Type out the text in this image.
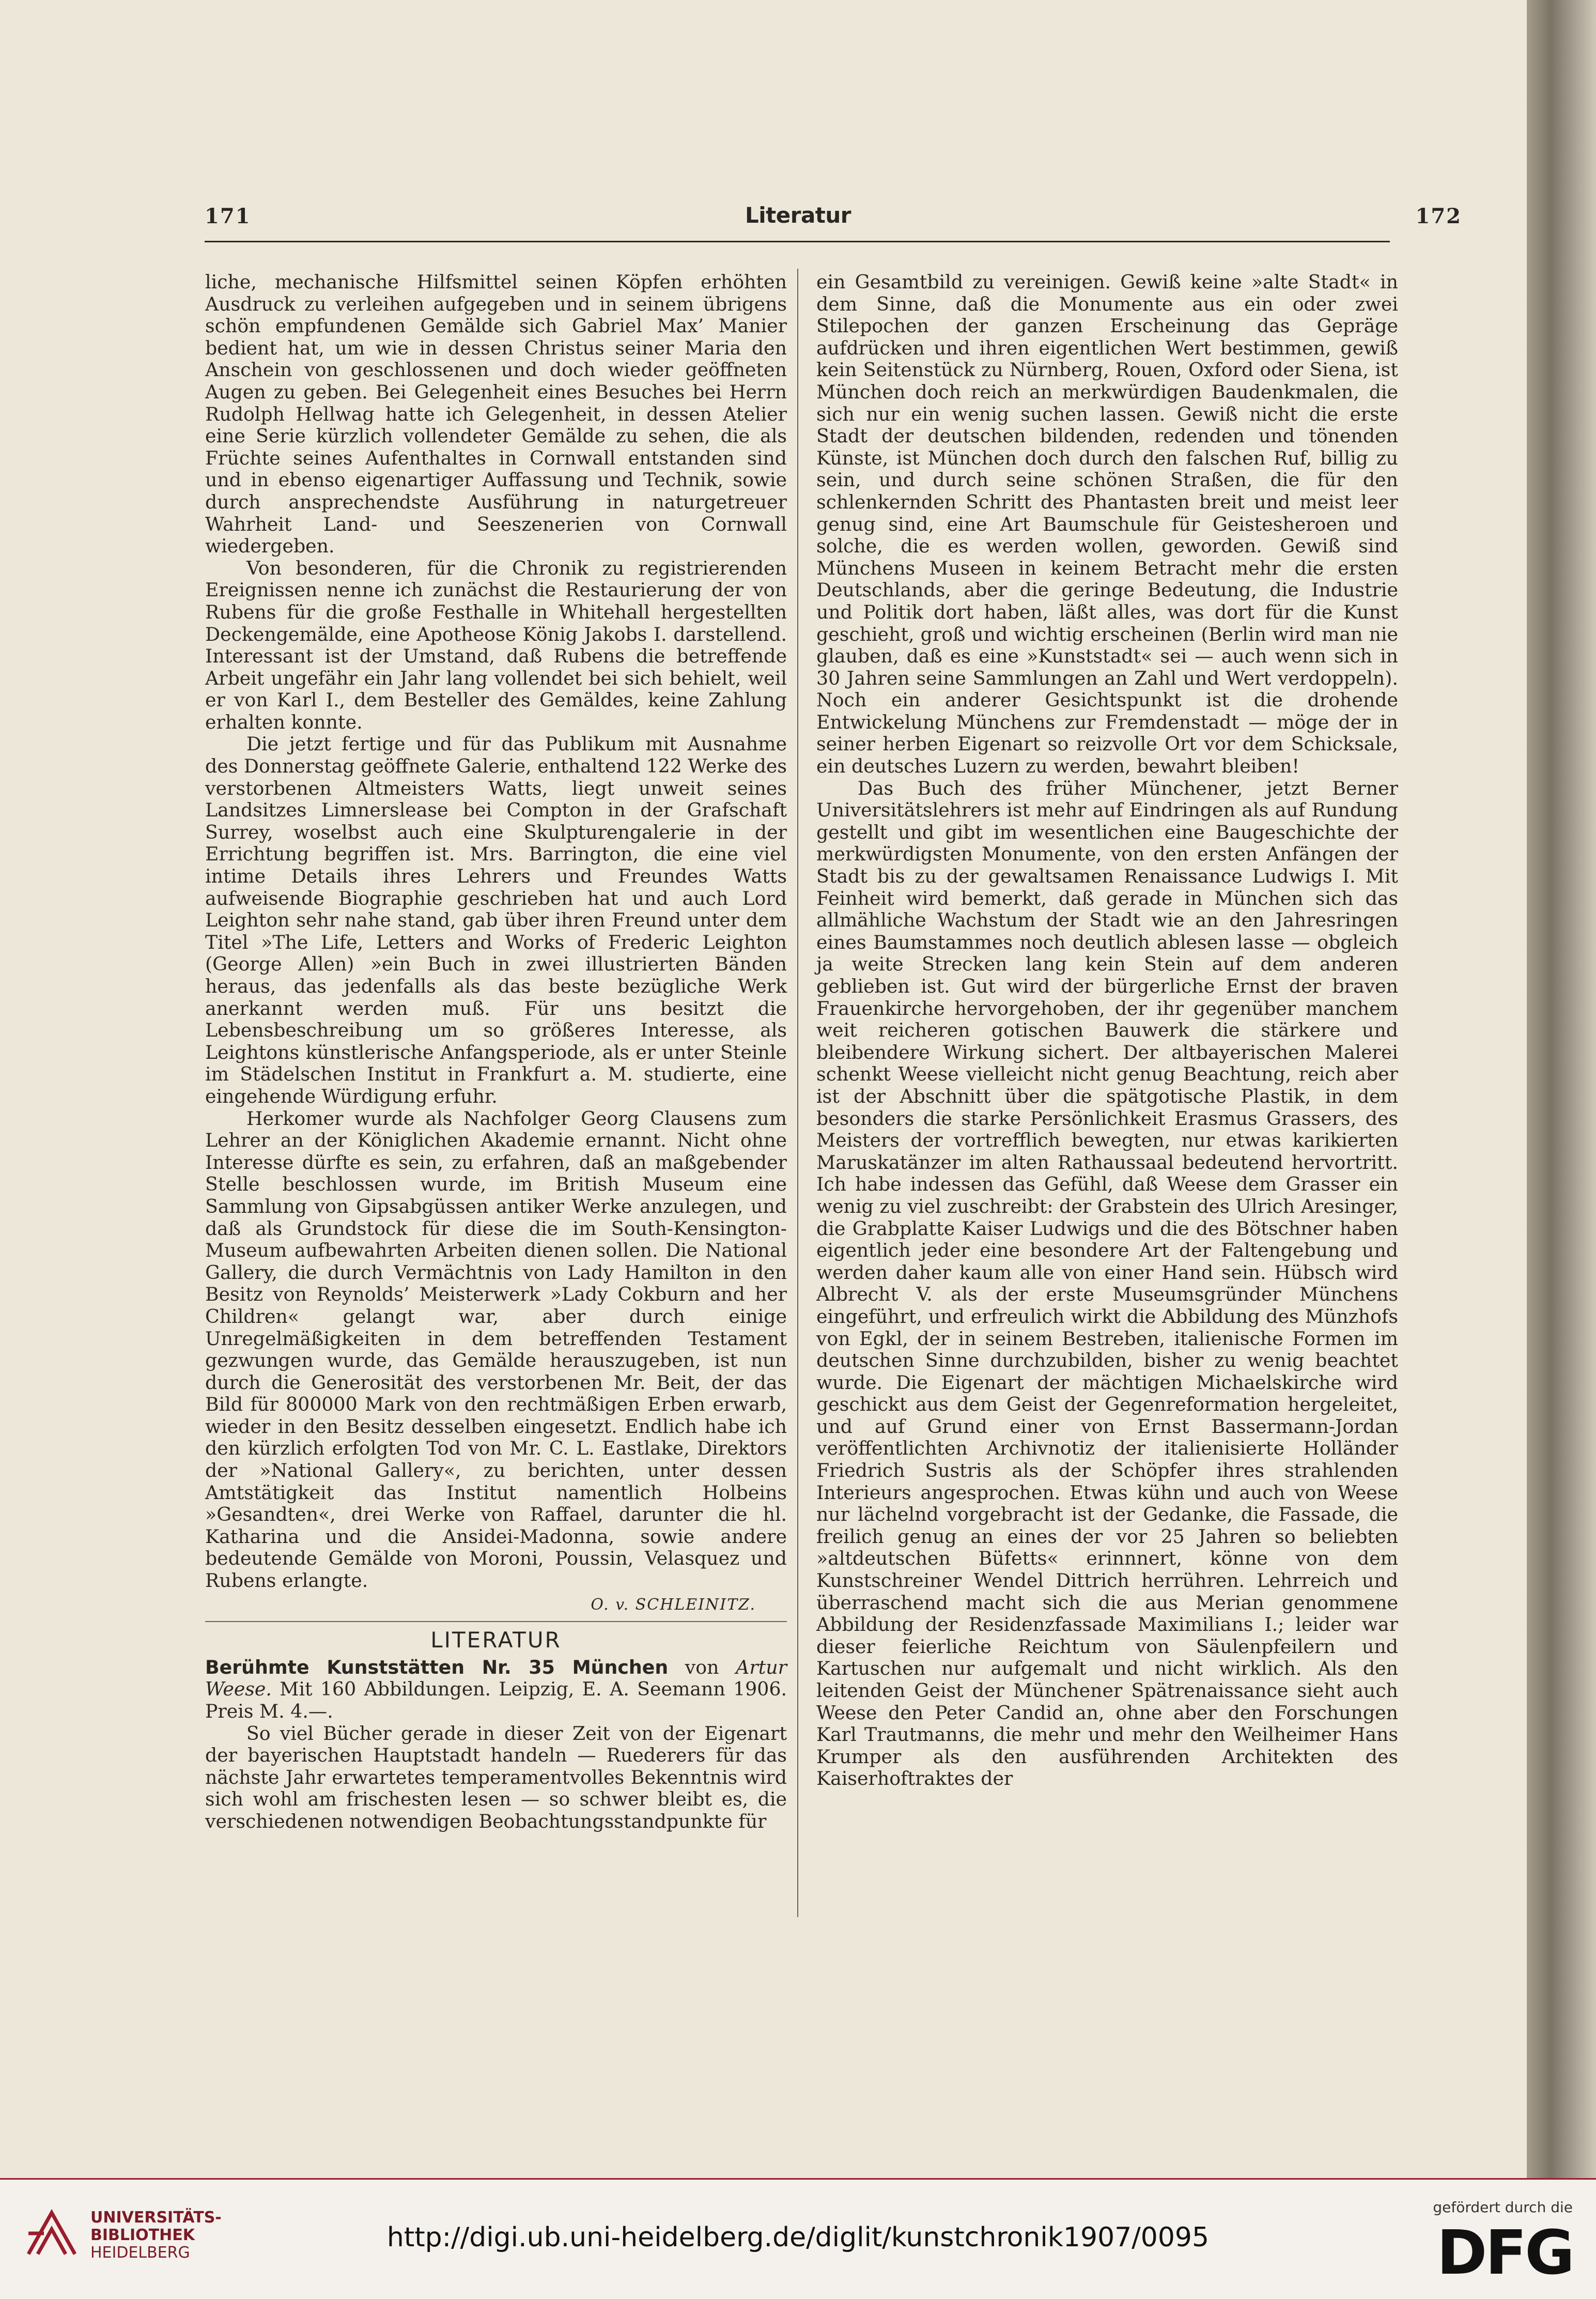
171	Literatur	172

liche, mechanische Hilfsmittel seinen Köpfen erhöhten Ausdruck zu verleihen aufgegeben und in seinem übrigens schön empfundenen Gemälde sich Gabriel Max’ Manier bedient hat, um wie in dessen Christus seiner Maria den Anschein von geschlossenen und doch wieder geöffneten Augen zu geben. Bei Gelegenheit eines Besuches bei Herrn Rudolph Hellwag hatte ich Gelegenheit, in dessen Atelier eine Serie kürzlich vollendeter Gemälde zu sehen, die als Früchte seines Aufenthaltes in Cornwall entstanden sind und in ebenso eigenartiger Auffassung und Technik, sowie durch ansprechendste Ausführung in naturgetreuer Wahrheit Land- und Seeszenerien von Cornwall wiedergeben.

Von besonderen, für die Chronik zu registrierenden Ereignissen nenne ich zunächst die Restaurierung der von Rubens für die große Festhalle in Whitehall hergestellten Deckengemälde, eine Apotheose König Jakobs I. darstellend. Interessant ist der Umstand, daß Rubens die betreffende Arbeit ungefähr ein Jahr lang vollendet bei sich behielt, weil er von Karl I., dem Besteller des Gemäldes, keine Zahlung erhalten konnte.

Die jetzt fertige und für das Publikum mit Ausnahme des Donnerstag geöffnete Galerie, enthaltend 122 Werke des verstorbenen Altmeisters Watts, liegt unweit seines Landsitzes Limnerslease bei Compton in der Grafschaft Surrey, woselbst auch eine Skulpturengalerie in der Errichtung begriffen ist. Mrs. Barrington, die eine viel intime Details ihres Lehrers und Freundes Watts aufweisende Biographie geschrieben hat und auch Lord Leighton sehr nahe stand, gab über ihren Freund unter dem Titel »The Life, Letters and Works of Frederic Leighton (George Allen) »ein Buch in zwei illustrierten Bänden heraus, das jedenfalls als das beste bezügliche Werk anerkannt werden muß. Für uns besitzt die Lebensbeschreibung um so größeres Interesse, als Leightons künstlerische Anfangsperiode, als er unter Steinle im Städelschen Institut in Frankfurt a. M. studierte, eine eingehende Würdigung erfuhr.

Herkomer wurde als Nachfolger Georg Clausens zum Lehrer an der Königlichen Akademie ernannt. Nicht ohne Interesse dürfte es sein, zu erfahren, daß an maßgebender Stelle beschlossen wurde, im British Museum eine Sammlung von Gipsabgüssen antiker Werke anzulegen, und daß als Grundstock für diese die im South-Kensington-Museum aufbewahrten Arbeiten dienen sollen. Die National Gallery, die durch Vermächtnis von Lady Hamilton in den Besitz von Reynolds’ Meisterwerk »Lady Cokburn and her Children« gelangt war, aber durch einige Unregelmäßigkeiten in dem betreffenden Testament gezwungen wurde, das Gemälde herauszugeben, ist nun durch die Generosität des verstorbenen Mr. Beit, der das Bild für 800000 Mark von den rechtmäßigen Erben erwarb, wieder in den Besitz desselben eingesetzt. Endlich habe ich den kürzlich erfolgten Tod von Mr. C. L. Eastlake, Direktors der »National Gallery«, zu berichten, unter dessen Amtstätigkeit das Institut namentlich Holbeins »Gesandten«, drei Werke von Raffael, darunter die hl. Katharina und die Ansidei-Madonna, sowie andere bedeutende Gemälde von Moroni, Poussin, Velasquez und Rubens erlangte.

O. v. SCHLEINITZ.
LITERATUR

Berühmte Kunststätten Nr. 35 München von Artur Weese. Mit 160 Abbildungen. Leipzig, E. A. Seemann 1906. Preis M. 4.—.

So viel Bücher gerade in dieser Zeit von der Eigenart der bayerischen Hauptstadt handeln — Ruederers für das nächste Jahr erwartetes temperamentvolles Bekenntnis wird sich wohl am frischesten lesen — so schwer bleibt es, die verschiedenen notwendigen Beobachtungsstandpunkte für

ein Gesamtbild zu vereinigen. Gewiß keine »alte Stadt« in dem Sinne, daß die Monumente aus ein oder zwei Stilepochen der ganzen Erscheinung das Gepräge aufdrücken und ihren eigentlichen Wert bestimmen, gewiß kein Seitenstück zu Nürnberg, Rouen, Oxford oder Siena, ist München doch reich an merkwürdigen Baudenkmalen, die sich nur ein wenig suchen lassen. Gewiß nicht die erste Stadt der deutschen bildenden, redenden und tönenden Künste, ist München doch durch den falschen Ruf, billig zu sein, und durch seine schönen Straßen, die für den schlenkernden Schritt des Phantasten breit und meist leer genug sind, eine Art Baumschule für Geistesheroen und solche, die es werden wollen, geworden. Gewiß sind Münchens Museen in keinem Betracht mehr die ersten Deutschlands, aber die geringe Bedeutung, die Industrie und Politik dort haben, läßt alles, was dort für die Kunst geschieht, groß und wichtig erscheinen (Berlin wird man nie glauben, daß es eine »Kunststadt« sei — auch wenn sich in 30 Jahren seine Sammlungen an Zahl und Wert verdoppeln). Noch ein anderer Gesichtspunkt ist die drohende Entwickelung Münchens zur Fremdenstadt — möge der in seiner herben Eigenart so reizvolle Ort vor dem Schicksale, ein deutsches Luzern zu werden, bewahrt bleiben!

Das Buch des früher Münchener, jetzt Berner Universitätslehrers ist mehr auf Eindringen als auf Rundung gestellt und gibt im wesentlichen eine Baugeschichte der merkwürdigsten Monumente, von den ersten Anfängen der Stadt bis zu der gewaltsamen Renaissance Ludwigs I. Mit Feinheit wird bemerkt, daß gerade in München sich das allmähliche Wachstum der Stadt wie an den Jahresringen eines Baumstammes noch deutlich ablesen lasse — obgleich ja weite Strecken lang kein Stein auf dem anderen geblieben ist. Gut wird der bürgerliche Ernst der braven Frauenkirche hervorgehoben, der ihr gegenüber manchem weit reicheren gotischen Bauwerk die stärkere und bleibendere Wirkung sichert. Der altbayerischen Malerei schenkt Weese vielleicht nicht genug Beachtung, reich aber ist der Abschnitt über die spätgotische Plastik, in dem besonders die starke Persönlichkeit Erasmus Grassers, des Meisters der vortrefflich bewegten, nur etwas karikierten Maruskatänzer im alten Rathaussaal bedeutend hervortritt. Ich habe indessen das Gefühl, daß Weese dem Grasser ein wenig zu viel zuschreibt: der Grabstein des Ulrich Aresinger, die Grabplatte Kaiser Ludwigs und die des Bötschner haben eigentlich jeder eine besondere Art der Faltengebung und werden daher kaum alle von einer Hand sein. Hübsch wird Albrecht V. als der erste Museumsgründer Münchens eingeführt, und erfreulich wirkt die Abbildung des Münzhofs von Egkl, der in seinem Bestreben, italienische Formen im deutschen Sinne durchzubilden, bisher zu wenig beachtet wurde. Die Eigenart der mächtigen Michaelskirche wird geschickt aus dem Geist der Gegenreformation hergeleitet, und auf Grund einer von Ernst Bassermann-Jordan veröffentlichten Archivnotiz der italienisierte Holländer Friedrich Sustris als der Schöpfer ihres strahlenden Interieurs angesprochen. Etwas kühn und auch von Weese nur lächelnd vorgebracht ist der Gedanke, die Fassade, die freilich genug an eines der vor 25 Jahren so beliebten »altdeutschen Büfetts« erinnnert, könne von dem Kunstschreiner Wendel Dittrich herrühren. Lehrreich und überraschend macht sich die aus Merian genommene Abbildung der Residenzfassade Maximilians I.; leider war dieser feierliche Reichtum von Säulenpfeilern und Kartuschen nur aufgemalt und nicht wirklich. Als den leitenden Geist der Münchener Spätrenaissance sieht auch Weese den Peter Candid an, ohne aber den Forschungen Karl Trautmanns, die mehr und mehr den Weilheimer Hans Krumper als den ausführenden Architekten des Kaiserhoftraktes der

UNIVERSITÄTS-
BIBLIOTHEK
HEIDELBERG	http://digi.ub.uni-heidelberg.de/diglit/kunstchronik1907/0095
gefördert durch die
DFG
